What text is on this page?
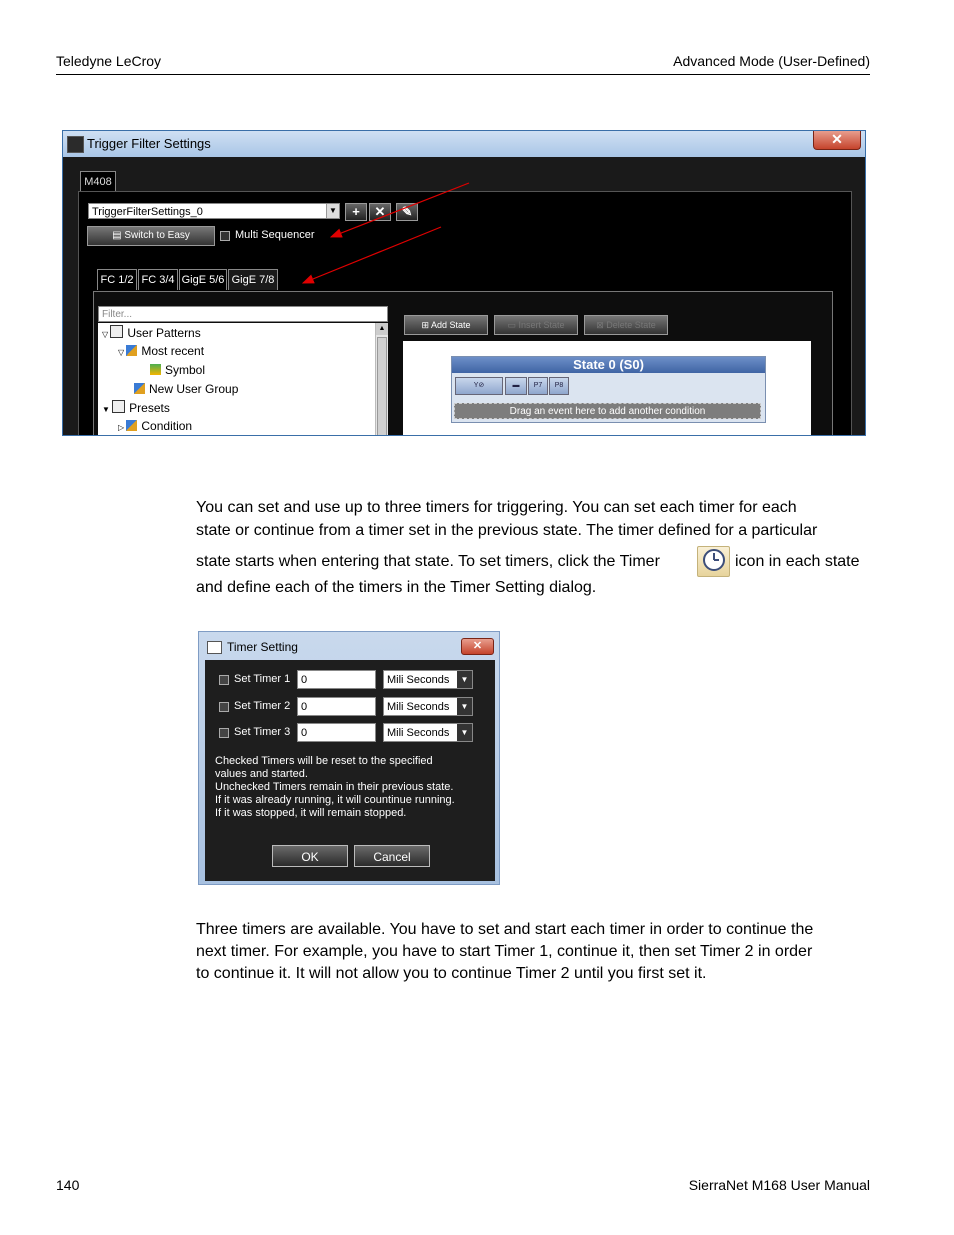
Teledyne LeCroy	Advanced Mode (User-Defined)
Trigger Filter Settings	✕
M408
TriggerFilterSettings_0	▼	+	✕	✎
▤ Switch to Easy	Multi Sequencer
FC 1/2 FC 3/4 GigE 5/6 GigE 7/8
Filter...
▽ User Patterns
▽ Most recent
Symbol
New User Group
▼ Presets
▷ Condition
▲	⊞ Add State	▭ Insert State	⊠ Delete State
State 0 (S0)
Y⊘	▬	P7	P8
Drag an event here to add another condition
You can set and use up to three timers for triggering. You can set each timer for each
state or continue from a timer set in the previous state. The timer defined for a particular
state starts when entering that state. To set timers, click the Timer	icon in each state
and define each of the timers in the Timer Setting dialog.
Timer Setting	✕
Set Timer 1 0	Mili Seconds	▼
Set Timer 2 0	Mili Seconds	▼
Set Timer 3 0	Mili Seconds	▼
Checked Timers will be reset to the specified
values and started.
Unchecked Timers remain in their previous state.
If it was already running, it will countinue running.
If it was stopped, it will remain stopped.
OK	Cancel
Three timers are available. You have to set and start each timer in order to continue the
next timer. For example, you have to start Timer 1, continue it, then set Timer 2 in order
to continue it. It will not allow you to continue Timer 2 until you first set it.
140	SierraNet M168 User Manual
